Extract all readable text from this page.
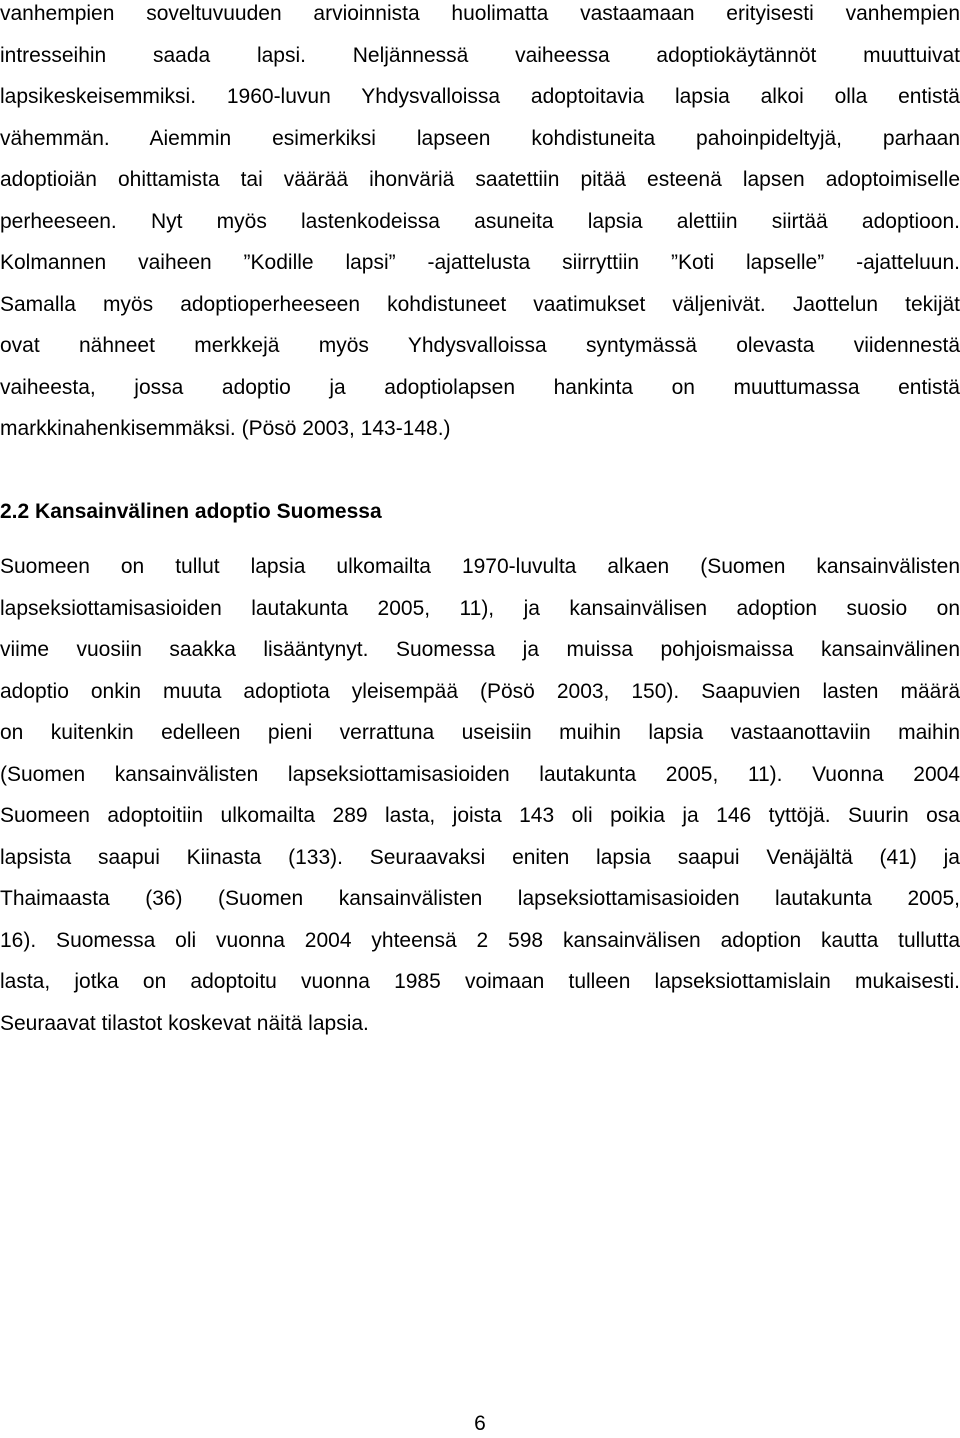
vanhempien soveltuvuuden arvioinnista huolimatta vastaamaan erityisesti vanhempien
intresseihin saada lapsi. Neljännessä vaiheessa adoptiokäytännöt muuttuivat
lapsikeskeisemmiksi. 1960-luvun Yhdysvalloissa adoptoitavia lapsia alkoi olla entistä
vähemmän. Aiemmin esimerkiksi lapseen kohdistuneita pahoinpideltyjä, parhaan
adoptioiän ohittamista tai väärää ihonväriä saatettiin pitää esteenä lapsen adoptoimiselle
perheeseen. Nyt myös lastenkodeissa asuneita lapsia alettiin siirtää adoptioon.
Kolmannen vaiheen ”Kodille lapsi” -ajattelusta siirryttiin ”Koti lapselle” -ajatteluun.
Samalla myös adoptioperheeseen kohdistuneet vaatimukset väljenivät. Jaottelun tekijät
ovat nähneet merkkejä myös Yhdysvalloissa syntymässä olevasta viidennestä
vaiheesta, jossa adoptio ja adoptiolapsen hankinta on muuttumassa entistä
markkinahenkisemmäksi. (Pösö 2003, 143-148.)
2.2 Kansainvälinen adoptio Suomessa
Suomeen on tullut lapsia ulkomailta 1970-luvulta alkaen (Suomen kansainvälisten
lapseksiottamisasioiden lautakunta 2005, 11), ja kansainvälisen adoption suosio on
viime vuosiin saakka lisääntynyt. Suomessa ja muissa pohjoismaissa kansainvälinen
adoptio onkin muuta adoptiota yleisempää (Pösö 2003, 150). Saapuvien lasten määrä
on kuitenkin edelleen pieni verrattuna useisiin muihin lapsia vastaanottaviin maihin
(Suomen kansainvälisten lapseksiottamisasioiden lautakunta 2005, 11). Vuonna 2004
Suomeen adoptoitiin ulkomailta 289 lasta, joista 143 oli poikia ja 146 tyttöjä. Suurin osa
lapsista saapui Kiinasta (133). Seuraavaksi eniten lapsia saapui Venäjältä (41) ja
Thaimaasta (36) (Suomen kansainvälisten lapseksiottamisasioiden lautakunta 2005,
16). Suomessa oli vuonna 2004 yhteensä 2 598 kansainvälisen adoption kautta tullutta
lasta, jotka on adoptoitu vuonna 1985 voimaan tulleen lapseksiottamislain mukaisesti.
Seuraavat tilastot koskevat näitä lapsia.
6
